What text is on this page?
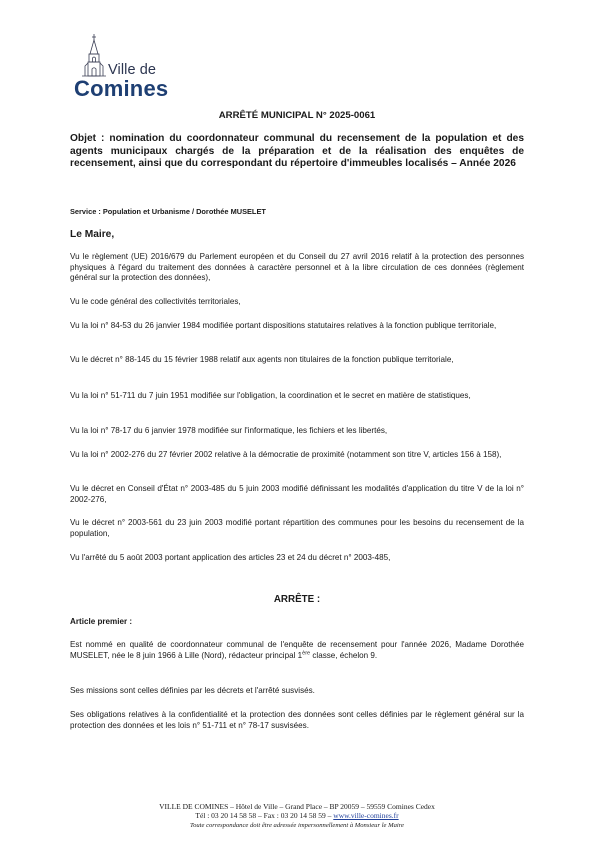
Ville de
Comines
ARRÊTÉ MUNICIPAL N° 2025-0061
Objet : nomination du coordonnateur communal du recensement de la population et des agents municipaux chargés de la préparation et de la réalisation des enquêtes de recensement, ainsi que du correspondant du répertoire d'immeubles localisés – Année 2026
Service : Population et Urbanisme / Dorothée MUSELET
Le Maire,

Vu le règlement (UE) 2016/679 du Parlement européen et du Conseil du 27 avril 2016 relatif à la protection des personnes physiques à l'égard du traitement des données à caractère personnel et à la libre circulation de ces données (règlement général sur la protection des données),

Vu le code général des collectivités territoriales,

Vu la loi n° 84-53 du 26 janvier 1984 modifiée portant dispositions statutaires relatives à la fonction publique territoriale,

Vu le décret n° 88-145 du 15 février 1988 relatif aux agents non titulaires de la fonction publique territoriale,

Vu la loi n° 51-711 du 7 juin 1951 modifiée sur l'obligation, la coordination et le secret en matière de statistiques,

Vu la loi n° 78-17 du 6 janvier 1978 modifiée sur l'informatique, les fichiers et les libertés,

Vu la loi n° 2002-276 du 27 février 2002 relative à la démocratie de proximité (notamment son titre V, articles 156 à 158),

Vu le décret en Conseil d'État n° 2003-485 du 5 juin 2003 modifié définissant les modalités d'application du titre V de la loi n° 2002-276,

Vu le décret n° 2003-561 du 23 juin 2003 modifié portant répartition des communes pour les besoins du recensement de la population,

Vu l'arrêté du 5 août 2003 portant application des articles 23 et 24 du décret n° 2003-485,

ARRÊTE :
Article premier :

Est nommé en qualité de coordonnateur communal de l'enquête de recensement pour l'année 2026, Madame Dorothée MUSELET, née le 8 juin 1966 à Lille (Nord), rédacteur principal 1ère classe, échelon 9.

Ses missions sont celles définies par les décrets et l'arrêté susvisés.

Ses obligations relatives à la confidentialité et la protection des données sont celles définies par le règlement général sur la protection des données et les lois n° 51-711 et n° 78-17 susvisées.

VILLE DE COMINES – Hôtel de Ville – Grand Place – BP 20059 – 59559 Comines Cedex
Tél : 03 20 14 58 58 – Fax : 03 20 14 58 59 – www.ville-comines.fr
Toute correspondance doit être adressée impersonnellement à Monsieur le Maire
